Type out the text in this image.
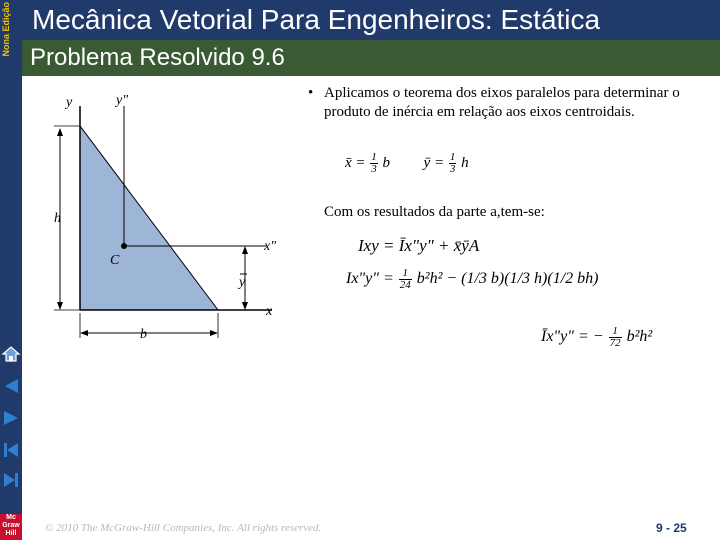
Nona Edição Mecânica Vetorial Para Engenheiros: Estática
Problema Resolvido 9.6
y	y"
x"
x
h
b
C
y
• Aplicamos o teorema dos eixos paralelos para determinar o produto de inércia em relação aos eixos centroidais.
x̄ = $\frac{1}{3}$ b ȳ = $\frac{1}{3}$ h
Com os resultados da parte a,tem-se:
Ixy = Īx"y" + x̄ȳA
Ix"y" = $\frac{1}{24} b^2h^2 - (1/3$ b)(1/3 h)(1/2 bh)
Īx"y" = − $\frac{1}{72} b^2h^2$
Mc Graw Hill	© 2010 The McGraw-Hill Companies, Inc. All rights reserved.	9 - 25
